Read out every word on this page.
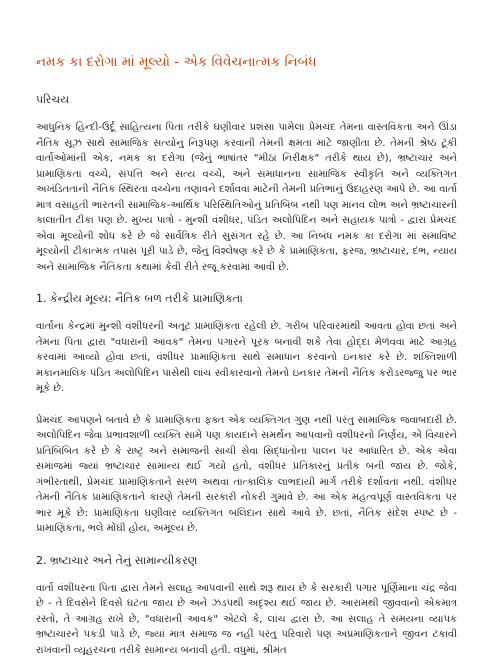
નમક કા દરોગા માં મૂલ્યો - એક વિવેચનાત્મક નિબંધ
પરિચય

આધુનિક હિન્દી-ઉર્દૂ સાહિત્યના પિતા તરીકે ઘણીવાર પ્રશંસા પામેલા પ્રેમચંદ તેમના વાસ્તવિકતા અને ઊંડા નૈતિક સૂઝ સાથે સામાજિક સત્યોનું નિરૂપણ કરવાની તેમની ક્ષમતા માટે જાણીતા છે. તેમની શ્રેષ્ઠ ટૂંકી વાર્તાઓમાંની એક, નમક કા દરોગા (જેનું ભાષાંતર "મીઠા નિરીક્ષક" તરીકે થાય છે), ભ્રષ્ટાચાર અને પ્રામાણિકતા વચ્ચે, સંપત્તિ અને સત્ય વચ્ચે, અને સમાધાનના સામાજિક સ્વીકૃતિ અને વ્યક્તિગત અખંડિતતાની નૈતિક સ્થિરતા વચ્ચેના તણાવને દર્શાવવા માટેની તેમની પ્રતિભાનું ઉદાહરણ આપે છે. આ વાર્તા માત્ર વસાહતી ભારતની સામાજિક-આર્થિક પરિસ્થિતિઓનું પ્રતિબિંબ નથી પણ માનવ લોભ અને ભ્રષ્ટાચારની કાલાતીત ટીકા પણ છે. મુખ્ય પાત્રો - મુન્શી વંશીધર, પંડિત અલોપિદિન અને સહાયક પાત્રો - દ્વારા પ્રેમચંદ એવા મૂલ્યોની શોધ કરે છે જે સાર્વત્રિક રીતે સુસંગત રહે છે. આ નિબંધ નમક કા દરોગા માં સમાવિષ્ટ મૂલ્યોની ટીકાત્મક તપાસ પૂરી પાડે છે, જેનું વિશ્લેષણ કરે છે કે પ્રામાણિકતા, ફરજ, ભ્રષ્ટાચાર, દંભ, ન્યાય અને સામાજિક નૈતિકતા કથામાં કેવી રીતે રજૂ કરવામાં આવી છે.

1. કેન્દ્રીય મૂલ્ય: નૈતિક બળ તરીકે પ્રામાણિકતા

વાર્તાના કેન્દ્રમાં મુન્શી વંશીધરની અતૂટ પ્રામાણિકતા રહેલી છે. ગરીબ પરિવારમાંથી આવતા હોવા છતાં અને તેમના પિતા દ્વારા "વધારાની આવક" તેમના પગારને પૂરક બનાવી શકે તેવા હોદ્દા મેળવવા માટે આગ્રહ કરવામાં આવ્યો હોવા છતાં, વંશીધર પ્રામાણિકતા સાથે સમાધાન કરવાનો ઇનકાર કરે છે. શક્તિશાળી મકાનમાલિક પંડિત અલોપિદિન પાસેથી લાંચ સ્વીકારવાનો તેમનો ઇનકાર તેમની નૈતિક કરોડરજ્જુ પર ભાર મૂકે છે.

પ્રેમચંદ આપણને બતાવે છે કે પ્રામાણિકતા ફક્ત એક વ્યક્તિગત ગુણ નથી પરંતુ સામાજિક જવાબદારી છે. અલોપિદિન જેવા પ્રભાવશાળી વ્યક્તિ સામે પણ કાયદાને સમર્થન આપવાનો વંશીધરનો નિર્ણય, એ વિચારને પ્રતિબિંબિત કરે છે કે રાષ્ટ્ર અને સમાજની સાચી સેવા સિદ્ધાંતોના પાલન પર આધારિત છે. એક એવા સમાજમાં જ્યાં ભ્રષ્ટાચાર સામાન્ય થઈ ગયો હતો, વંશીધર પ્રતિકારનું પ્રતીક બની જાય છે. જોકે, ગંભીરતાથી, પ્રેમચંદ પ્રામાણિકતાને સરળ અથવા તાત્કાલિક લાભદાયી માર્ગ તરીકે દર્શાવતા નથી. વંશીધર તેમની નૈતિક પ્રામાણિકતાને કારણે તેમની સરકારી નોકરી ગુમાવે છે. આ એક મહત્વપૂર્ણ વાસ્તવિકતા પર ભાર મૂકે છે: પ્રામાણિકતા ઘણીવાર વ્યક્તિગત બલિદાન સાથે આવે છે. છતાં, નૈતિક સંદેશ સ્પષ્ટ છે - પ્રામાણિકતા, ભલે મોંઘી હોય, અમૂલ્ય છે.

2. ભ્રષ્ટાચાર અને તેનું સામાન્યીકરણ

વાર્તા વંશીધરના પિતા દ્વારા તેમને સલાહ આપવાની સાથે શરૂ થાય છે કે સરકારી પગાર પૂર્ણિમાના ચંદ્ર જેવા છે - તે દિવસેને દિવસે ઘટતા જાય છે અને ઝડપથી અદૃશ્ય થઈ જાય છે. આરામથી જીવવાનો એકમાત્ર રસ્તો, તે આગ્રહ રાખે છે, "વધારાની આવક" એટલે કે, લાંચ દ્વારા છે. આ સલાહ તે સમયના વ્યાપક ભ્રષ્ટાચારને પકડી પાડે છે, જ્યાં માત્ર સમાજ જ નહીં પરંતુ પરિવારો પણ અપ્રમાણિકતાને જીવન ટકાવી રાખવાની વ્યૂહરચના તરીકે સામાન્ય બનાવી હતી. વધુમાં, શ્રીમંત
